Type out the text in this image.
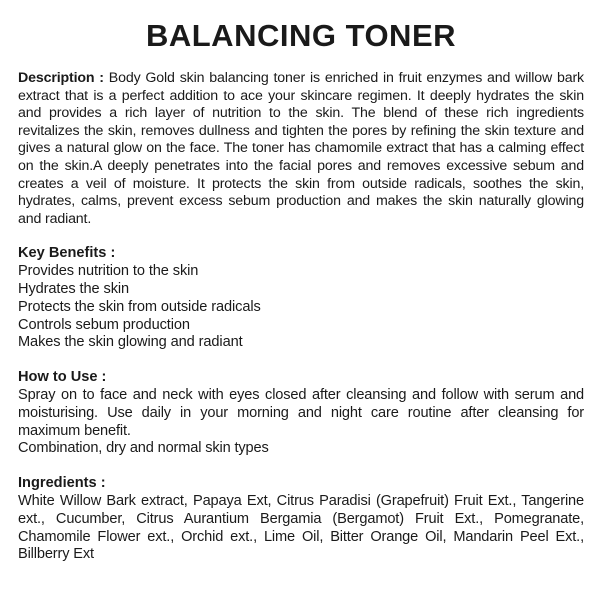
BALANCING TONER

Description : Body Gold skin balancing toner is enriched in fruit enzymes and willow bark extract that is a perfect addition to ace your skincare regimen. It deeply hydrates the skin and provides a rich layer of nutrition to the skin. The blend of these rich ingredients revitalizes the skin, removes dullness and tighten the pores by refining the skin texture and gives a natural glow on the face. The toner has chamomile extract that has a calming effect on the skin.A deeply penetrates into the facial pores and removes excessive sebum and creates a veil of moisture. It protects the skin from outside radicals, soothes the skin, hydrates, calms, prevent excess sebum production and makes the skin naturally glowing and radiant.

Key Benefits :
Provides nutrition to the skin
Hydrates the skin
Protects the skin from outside radicals
Controls sebum production
Makes the skin glowing and radiant
How to Use :

Spray on to face and neck with eyes closed after cleansing and follow with serum and moisturising. Use daily in your morning and night care routine after cleansing for maximum benefit.

Combination, dry and normal skin types

Ingredients :

White Willow Bark extract, Papaya Ext, Citrus Paradisi (Grapefruit) Fruit Ext., Tangerine ext., Cucumber, Citrus Aurantium Bergamia (Bergamot) Fruit Ext., Pomegranate, Chamomile Flower ext., Orchid ext., Lime Oil, Bitter Orange Oil, Mandarin Peel Ext., Billberry Ext
